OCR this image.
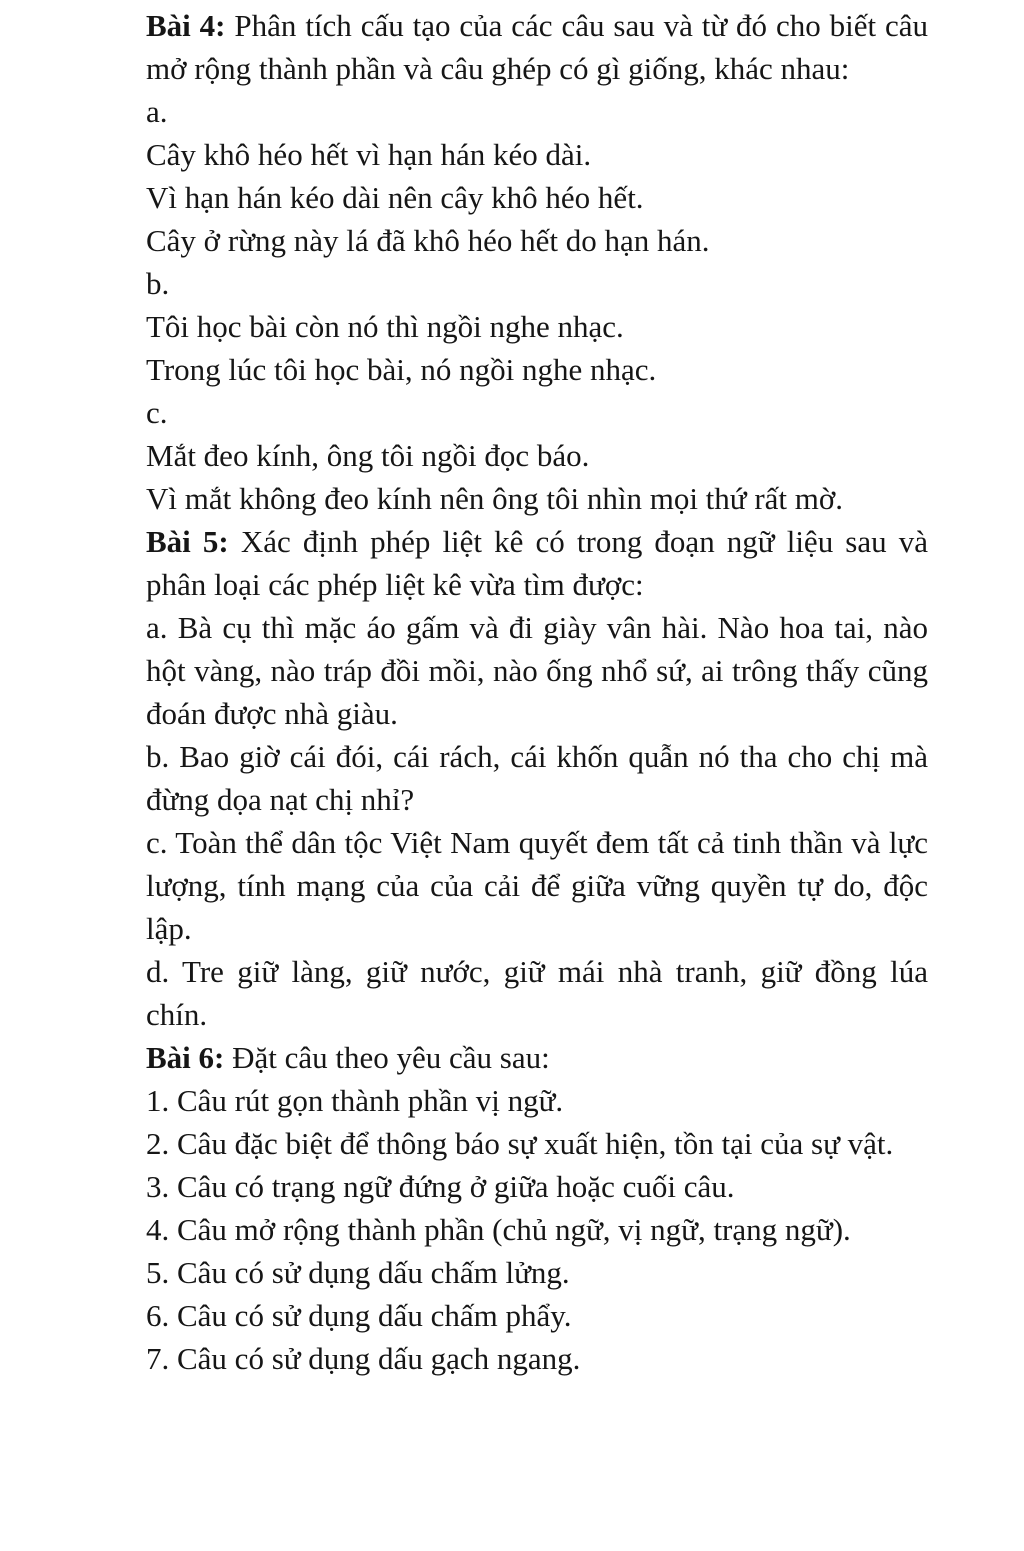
Bài 4: Phân tích cấu tạo của các câu sau và từ đó cho biết câu mở rộng thành phần và câu ghép có gì giống, khác nhau:
a.
Cây khô héo hết vì hạn hán kéo dài.
Vì hạn hán kéo dài nên cây khô héo hết.
Cây ở rừng này lá đã khô héo hết do hạn hán.
b.
Tôi học bài còn nó thì ngồi nghe nhạc.
Trong lúc tôi học bài, nó ngồi nghe nhạc.
c.
Mắt đeo kính, ông tôi ngồi đọc báo.
Vì mắt không đeo kính nên ông tôi nhìn mọi thứ rất mờ.
Bài 5: Xác định phép liệt kê có trong đoạn ngữ liệu sau và phân loại các phép liệt kê vừa tìm được:
a. Bà cụ thì mặc áo gấm và đi giày vân hài. Nào hoa tai, nào hột vàng, nào tráp đồi mồi, nào ống nhổ sứ, ai trông thấy cũng đoán được nhà giàu.
b. Bao giờ cái đói, cái rách, cái khốn quẫn nó tha cho chị mà đừng dọa nạt chị nhỉ?
c. Toàn thể dân tộc Việt Nam quyết đem tất cả tinh thần và lực lượng, tính mạng của của cải để giữa vững quyền tự do, độc lập.
d. Tre giữ làng, giữ nước, giữ mái nhà tranh, giữ đồng lúa chín.
Bài 6: Đặt câu theo yêu cầu sau:
1. Câu rút gọn thành phần vị ngữ.
2. Câu đặc biệt để thông báo sự xuất hiện, tồn tại của sự vật.
3. Câu có trạng ngữ đứng ở giữa hoặc cuối câu.
4. Câu mở rộng thành phần (chủ ngữ, vị ngữ, trạng ngữ).
5. Câu có sử dụng dấu chấm lửng.
6. Câu có sử dụng dấu chấm phẩy.
7. Câu có sử dụng dấu gạch ngang.
